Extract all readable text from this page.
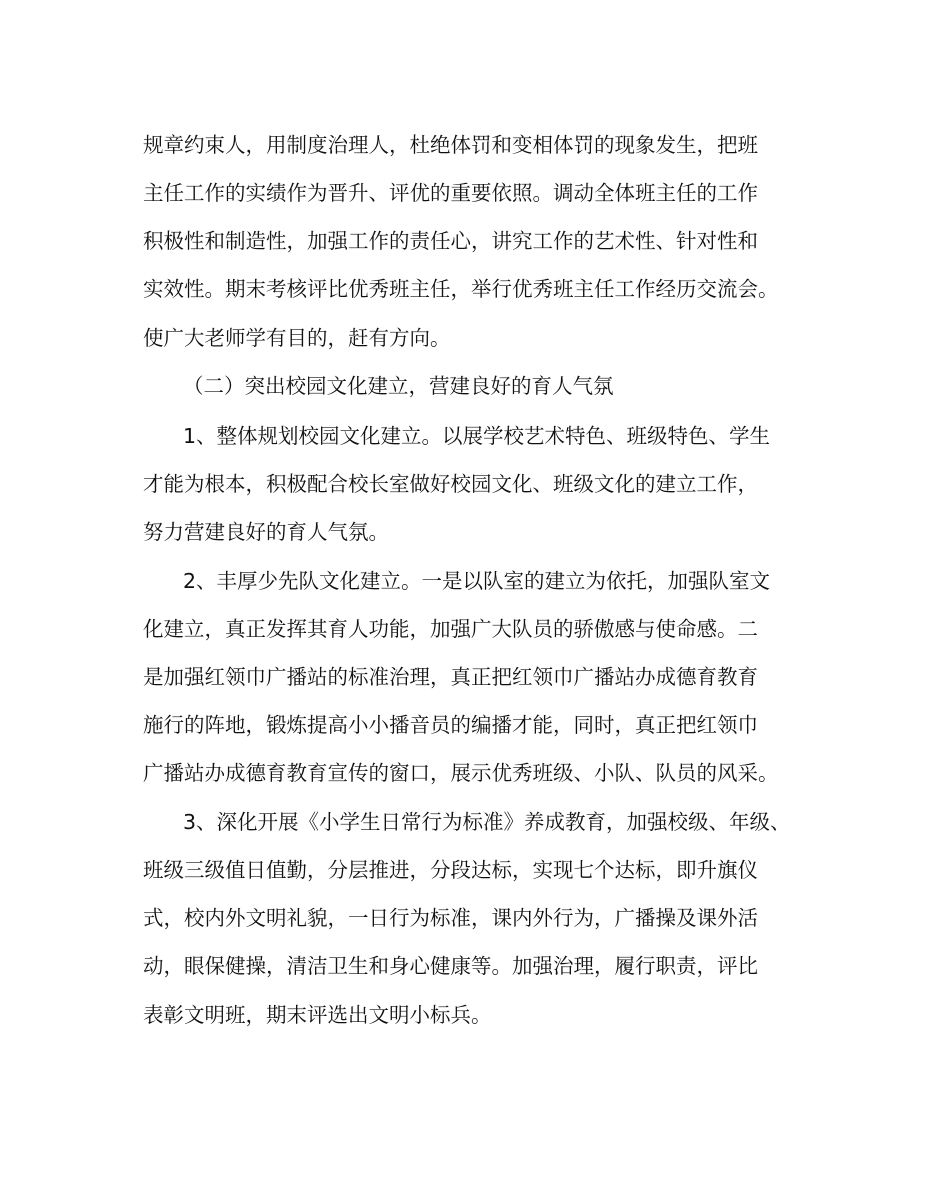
规章约束人，用制度治理人，杜绝体罚和变相体罚的现象发生，把班
主任工作的实绩作为晋升、评优的重要依照。调动全体班主任的工作
积极性和制造性，加强工作的责任心，讲究工作的艺术性、针对性和
实效性。期末考核评比优秀班主任，举行优秀班主任工作经历交流会。
使广大老师学有目的，赶有方向。
（二）突出校园文化建立，营建良好的育人气氛
1、整体规划校园文化建立。以展学校艺术特色、班级特色、学生
才能为根本，积极配合校长室做好校园文化、班级文化的建立工作，
努力营建良好的育人气氛。
2、丰厚少先队文化建立。一是以队室的建立为依托，加强队室文
化建立，真正发挥其育人功能，加强广大队员的骄傲感与使命感。二
是加强红领巾广播站的标准治理，真正把红领巾广播站办成德育教育
施行的阵地，锻炼提高小小播音员的编播才能，同时，真正把红领巾
广播站办成德育教育宣传的窗口，展示优秀班级、小队、队员的风采。
3、深化开展《小学生日常行为标准》养成教育，加强校级、年级、
班级三级值日值勤，分层推进，分段达标，实现七个达标，即升旗仪
式，校内外文明礼貌，一日行为标准，课内外行为，广播操及课外活
动，眼保健操，清洁卫生和身心健康等。加强治理，履行职责，评比
表彰文明班，期末评选出文明小标兵。
